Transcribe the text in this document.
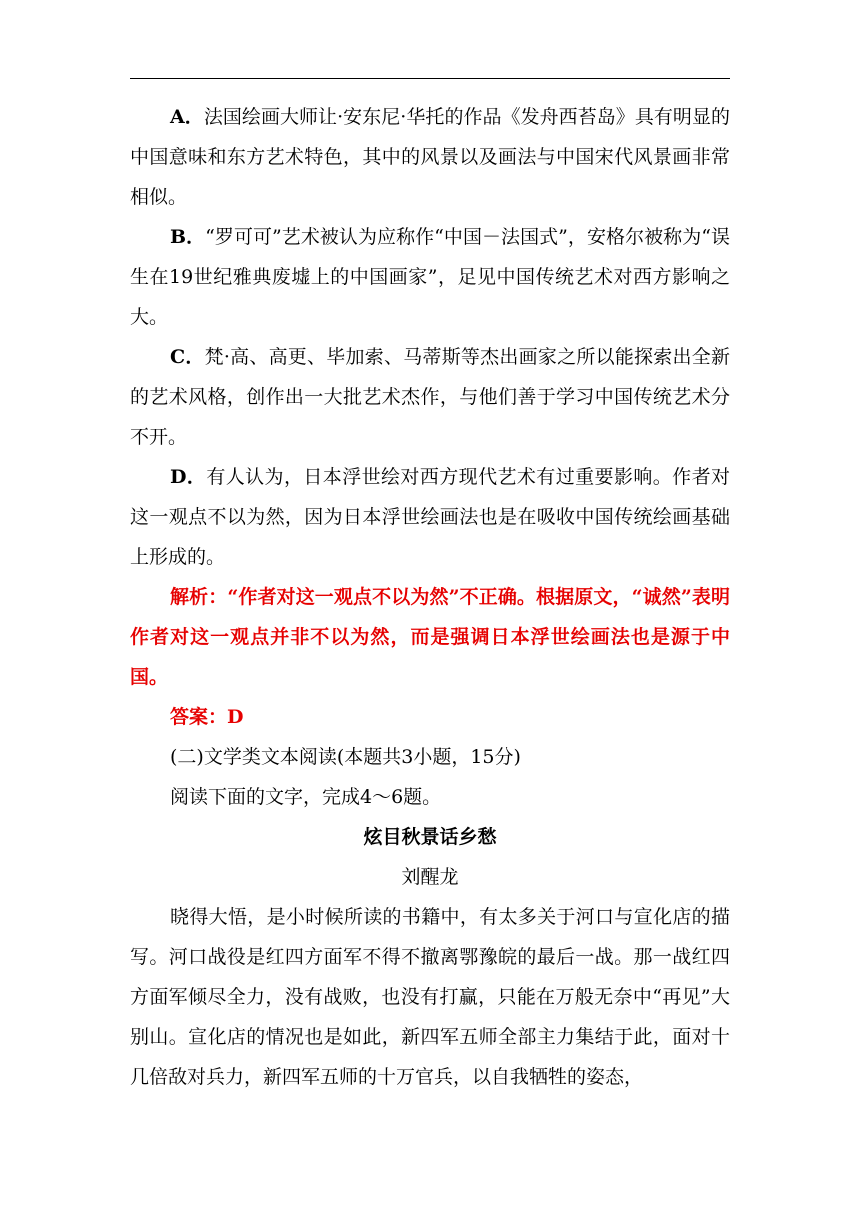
A．法国绘画大师让·安东尼·华托的作品《发舟西苔岛》具有明显的中国意味和东方艺术特色，其中的风景以及画法与中国宋代风景画非常相似。

B．“罗可可”艺术被认为应称作“中国－法国式”，安格尔被称为“误生在19世纪雅典废墟上的中国画家”，足见中国传统艺术对西方影响之大。

C．梵·高、高更、毕加索、马蒂斯等杰出画家之所以能探索出全新的艺术风格，创作出一大批艺术杰作，与他们善于学习中国传统艺术分不开。

D．有人认为，日本浮世绘对西方现代艺术有过重要影响。作者对这一观点不以为然，因为日本浮世绘画法也是在吸收中国传统绘画基础上形成的。

解析：“作者对这一观点不以为然”不正确。根据原文，“诚然”表明作者对这一观点并非不以为然，而是强调日本浮世绘画法也是源于中国。

答案：D

(二)文学类文本阅读(本题共3小题，15分)

阅读下面的文字，完成4～6题。

炫目秋景话乡愁

刘醒龙

晓得大悟，是小时候所读的书籍中，有太多关于河口与宣化店的描写。河口战役是红四方面军不得不撤离鄂豫皖的最后一战。那一战红四方面军倾尽全力，没有战败，也没有打赢，只能在万般无奈中“再见”大别山。宣化店的情况也是如此，新四军五师全部主力集结于此，面对十几倍敌对兵力，新四军五师的十万官兵，以自我牺牲的姿态，
